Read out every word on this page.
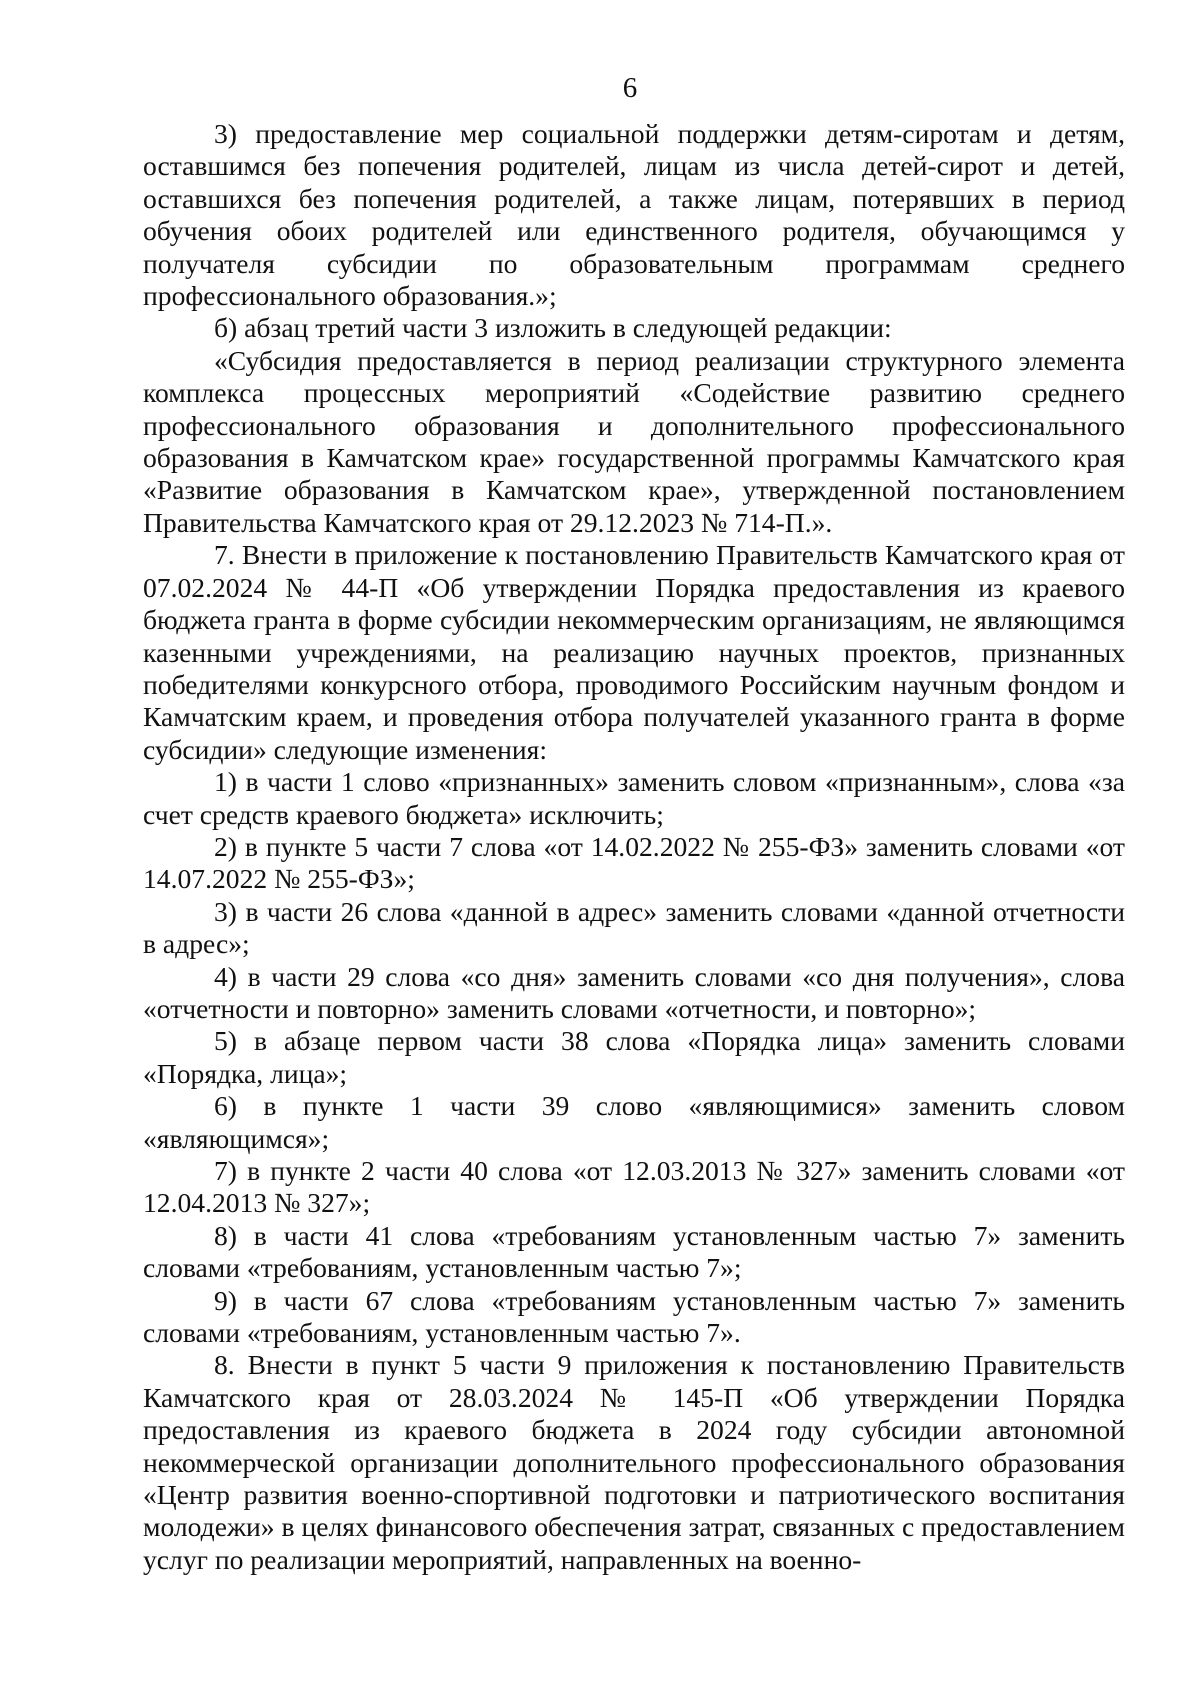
6

3) предоставление мер социальной поддержки детям-сиротам и детям, оставшимся без попечения родителей, лицам из числа детей-сирот и детей, оставшихся без попечения родителей, а также лицам, потерявших в период обучения обоих родителей или единственного родителя, обучающимся у получателя субсидии по образовательным программам среднего профессионального образования.»;

б) абзац третий части 3 изложить в следующей редакции:

«Субсидия предоставляется в период реализации структурного элемента комплекса процессных мероприятий «Содействие развитию среднего профессионального образования и дополнительного профессионального образования в Камчатском крае» государственной программы Камчатского края «Развитие образования в Камчатском крае», утвержденной постановлением Правительства Камчатского края от 29.12.2023 № 714-П.».

7. Внести в приложение к постановлению Правительств Камчатского края от 07.02.2024 № 44-П «Об утверждении Порядка предоставления из краевого бюджета гранта в форме субсидии некоммерческим организациям, не являющимся казенными учреждениями, на реализацию научных проектов, признанных победителями конкурсного отбора, проводимого Российским научным фондом и Камчатским краем, и проведения отбора получателей указанного гранта в форме субсидии» следующие изменения:

1) в части 1 слово «признанных» заменить словом «признанным», слова «за счет средств краевого бюджета» исключить;

2) в пункте 5 части 7 слова «от 14.02.2022 № 255-ФЗ» заменить словами «от 14.07.2022 № 255-ФЗ»;

3) в части 26 слова «данной в адрес» заменить словами «данной отчетности в адрес»;

4) в части 29 слова «со дня» заменить словами «со дня получения», слова «отчетности и повторно» заменить словами «отчетности, и повторно»;

5) в абзаце первом части 38 слова «Порядка лица» заменить словами «Порядка, лица»;

6) в пункте 1 части 39 слово «являющимися» заменить словом «являющимся»;

7) в пункте 2 части 40 слова «от 12.03.2013 № 327» заменить словами «от 12.04.2013 № 327»;

8) в части 41 слова «требованиям установленным частью 7» заменить словами «требованиям, установленным частью 7»;

9) в части 67 слова «требованиям установленным частью 7» заменить словами «требованиям, установленным частью 7».

8. Внести в пункт 5 части 9 приложения к постановлению Правительств Камчатского края от 28.03.2024 № 145-П «Об утверждении Порядка предоставления из краевого бюджета в 2024 году субсидии автономной некоммерческой организации дополнительного профессионального образования «Центр развития военно-спортивной подготовки и патриотического воспитания молодежи» в целях финансового обеспечения затрат, связанных с предоставлением услуг по реализации мероприятий, направленных на военно-
